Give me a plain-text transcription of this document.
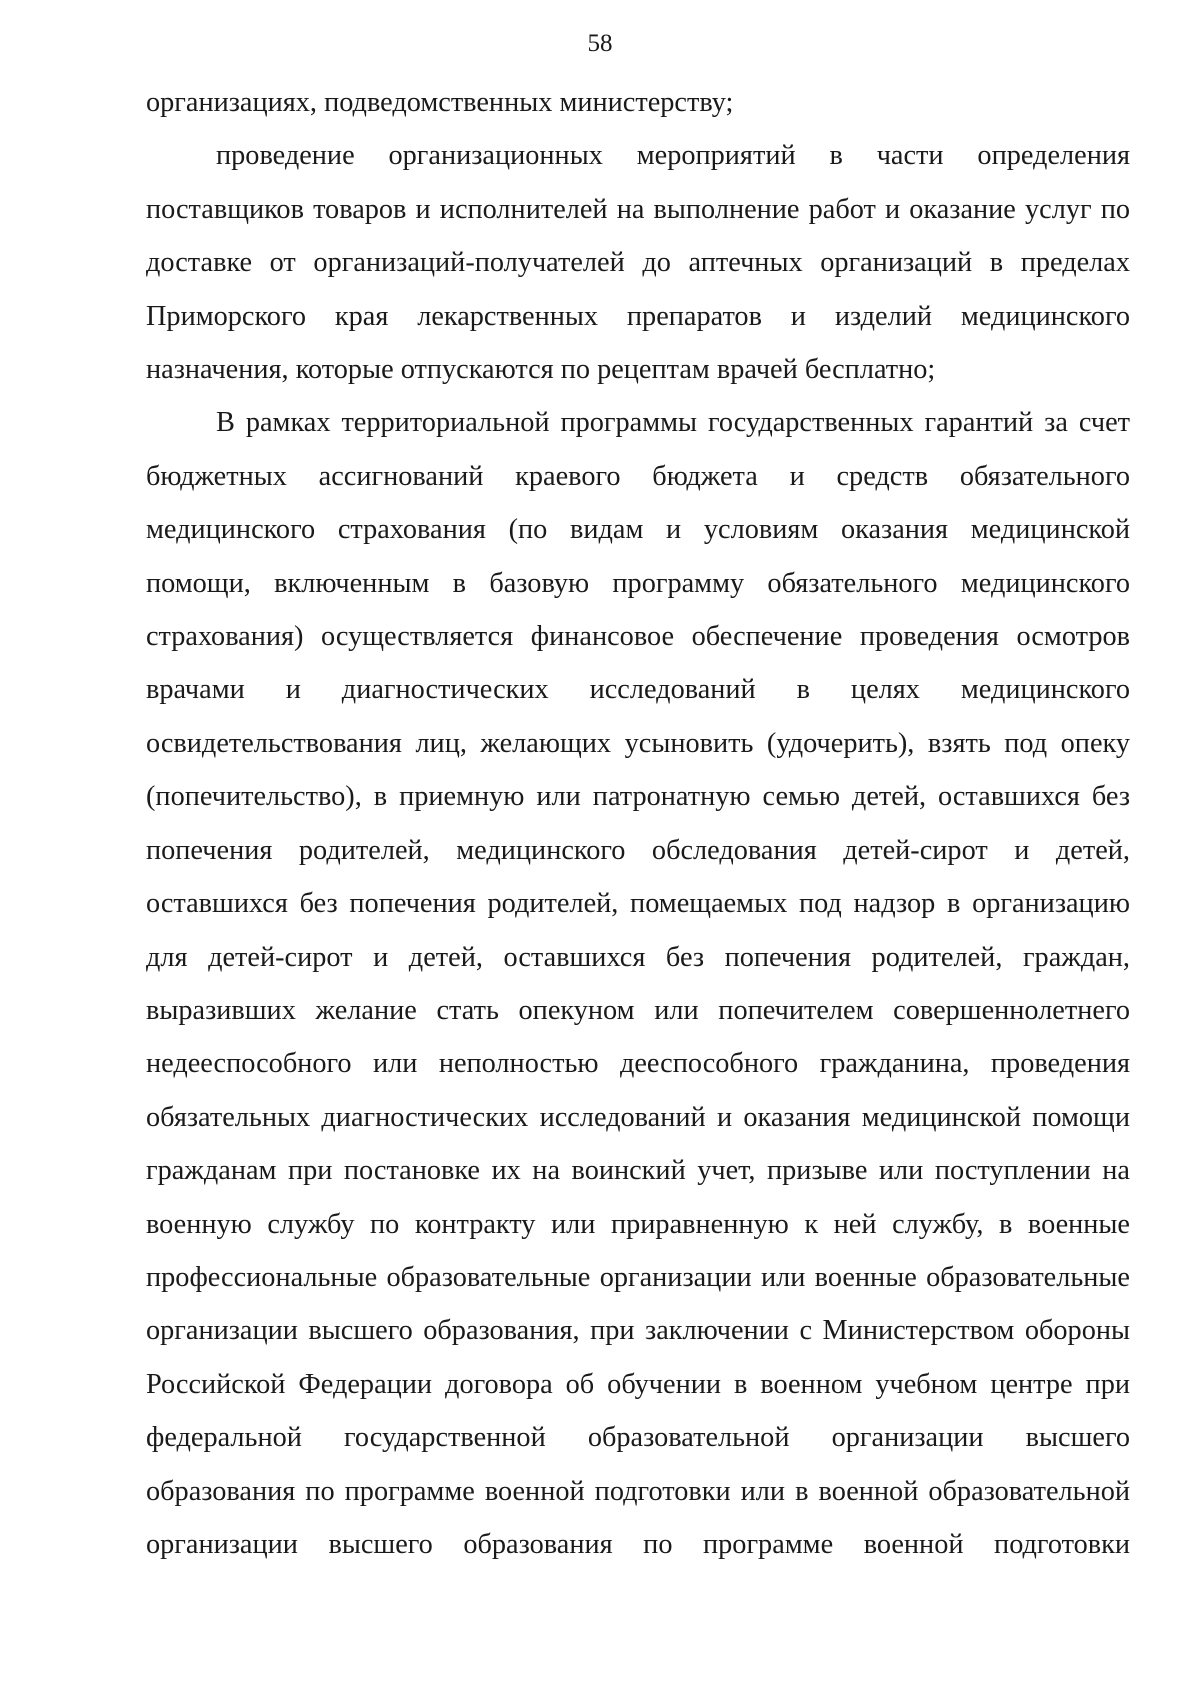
58

организациях, подведомственных министерству;

проведение организационных мероприятий в части определения поставщиков товаров и исполнителей на выполнение работ и оказание услуг по доставке от организаций-получателей до аптечных организаций в пределах Приморского края лекарственных препаратов и изделий медицинского назначения, которые отпускаются по рецептам врачей бесплатно;

В рамках территориальной программы государственных гарантий за счет бюджетных ассигнований краевого бюджета и средств обязательного медицинского страхования (по видам и условиям оказания медицинской помощи, включенным в базовую программу обязательного медицинского страхования) осуществляется финансовое обеспечение проведения осмотров врачами и диагностических исследований в целях медицинского освидетельствования лиц, желающих усыновить (удочерить), взять под опеку (попечительство), в приемную или патронатную семью детей, оставшихся без попечения родителей, медицинского обследования детей-сирот и детей, оставшихся без попечения родителей, помещаемых под надзор в организацию для детей-сирот и детей, оставшихся без попечения родителей, граждан, выразивших желание стать опекуном или попечителем совершеннолетнего недееспособного или неполностью дееспособного гражданина, проведения обязательных диагностических исследований и оказания медицинской помощи гражданам при постановке их на воинский учет, призыве или поступлении на военную службу по контракту или приравненную к ней службу, в военные профессиональные образовательные организации или военные образовательные организации высшего образования, при заключении с Министерством обороны Российской Федерации договора об обучении в военном учебном центре при федеральной государственной образовательной организации высшего образования по программе военной подготовки или в военной образовательной организации высшего образования по программе военной подготовки
